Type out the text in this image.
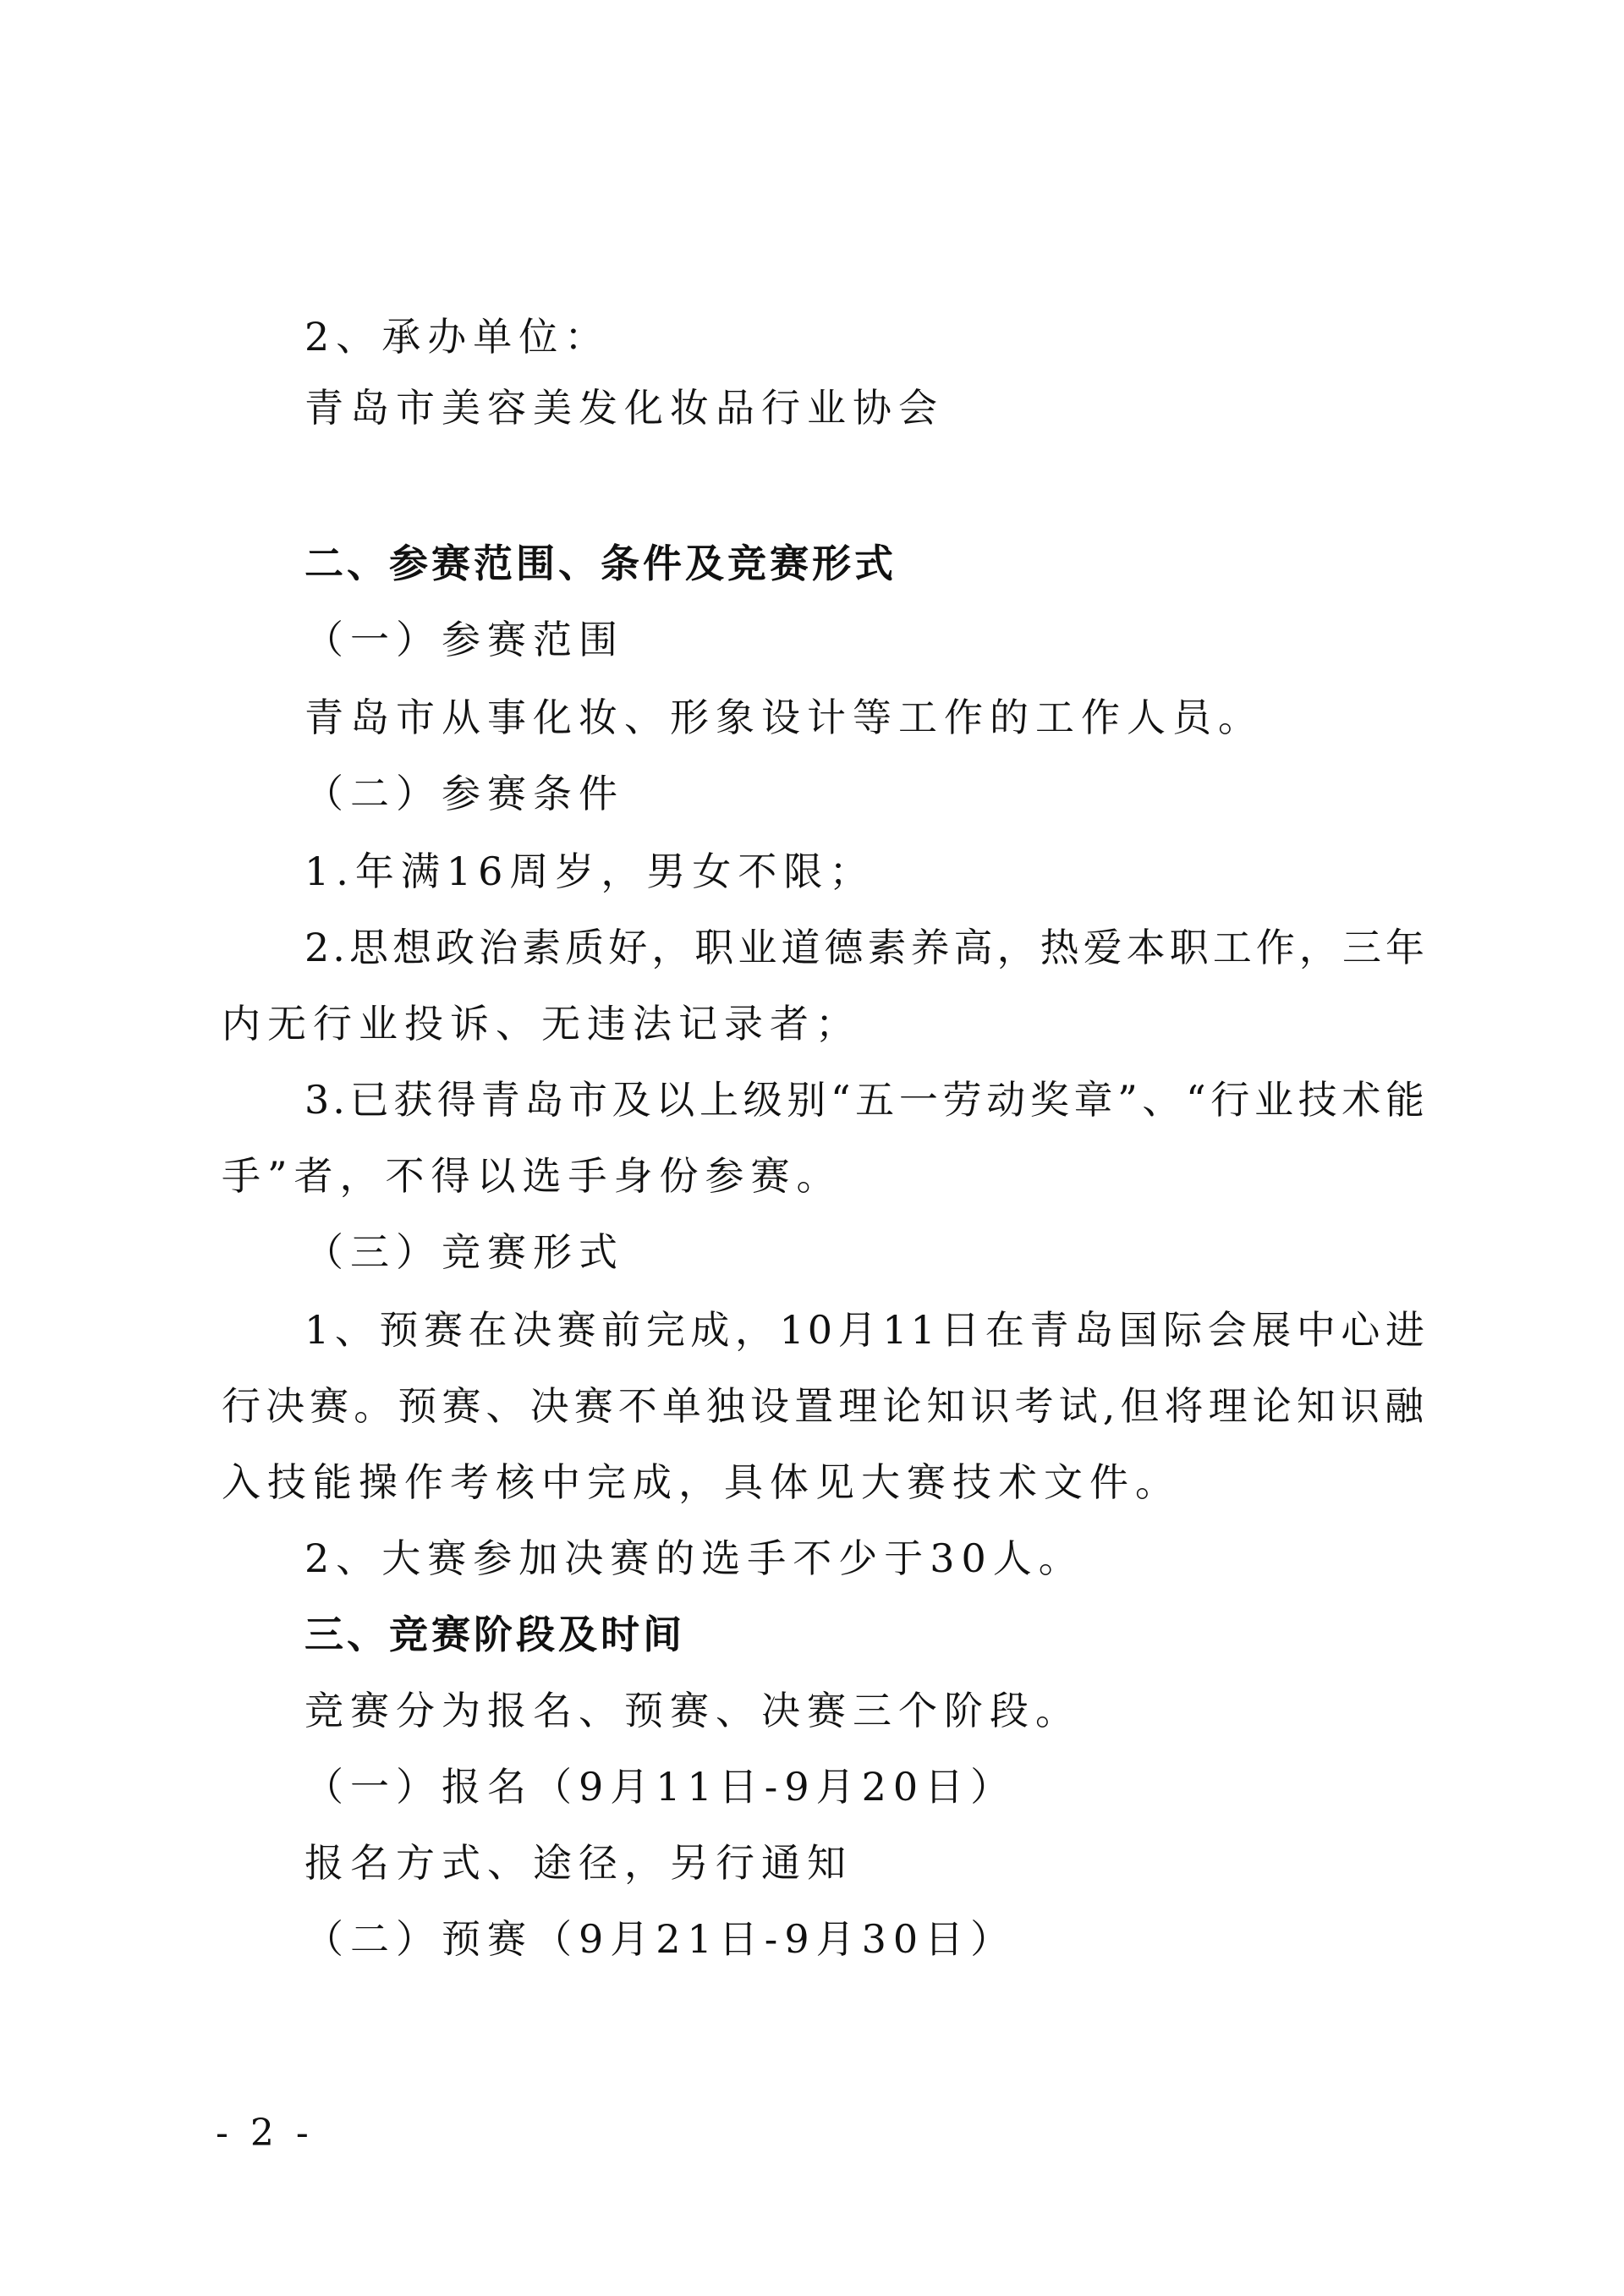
2、承办单位：
青岛市美容美发化妆品行业协会
二、参赛范围、条件及竞赛形式
（一）参赛范围
青岛市从事化妆、形象设计等工作的工作人员。
（二）参赛条件
1.年满16周岁，男女不限；
2.思想政治素质好，职业道德素养高，热爱本职工作，三年
内无行业投诉、无违法记录者；
3.已获得青岛市及以上级别“五一劳动奖章”、“行业技术能
手”者，不得以选手身份参赛。
（三）竞赛形式
1、预赛在决赛前完成，10月11日在青岛国际会展中心进
行决赛。预赛、决赛不单独设置理论知识考试,但将理论知识融
入技能操作考核中完成，具体见大赛技术文件。
2、大赛参加决赛的选手不少于30人。
三、竞赛阶段及时间
竞赛分为报名、预赛、决赛三个阶段。
（一）报名（9月11日-9月20日）
报名方式、途径，另行通知
（二）预赛（9月21日-9月30日）
- 2 -
